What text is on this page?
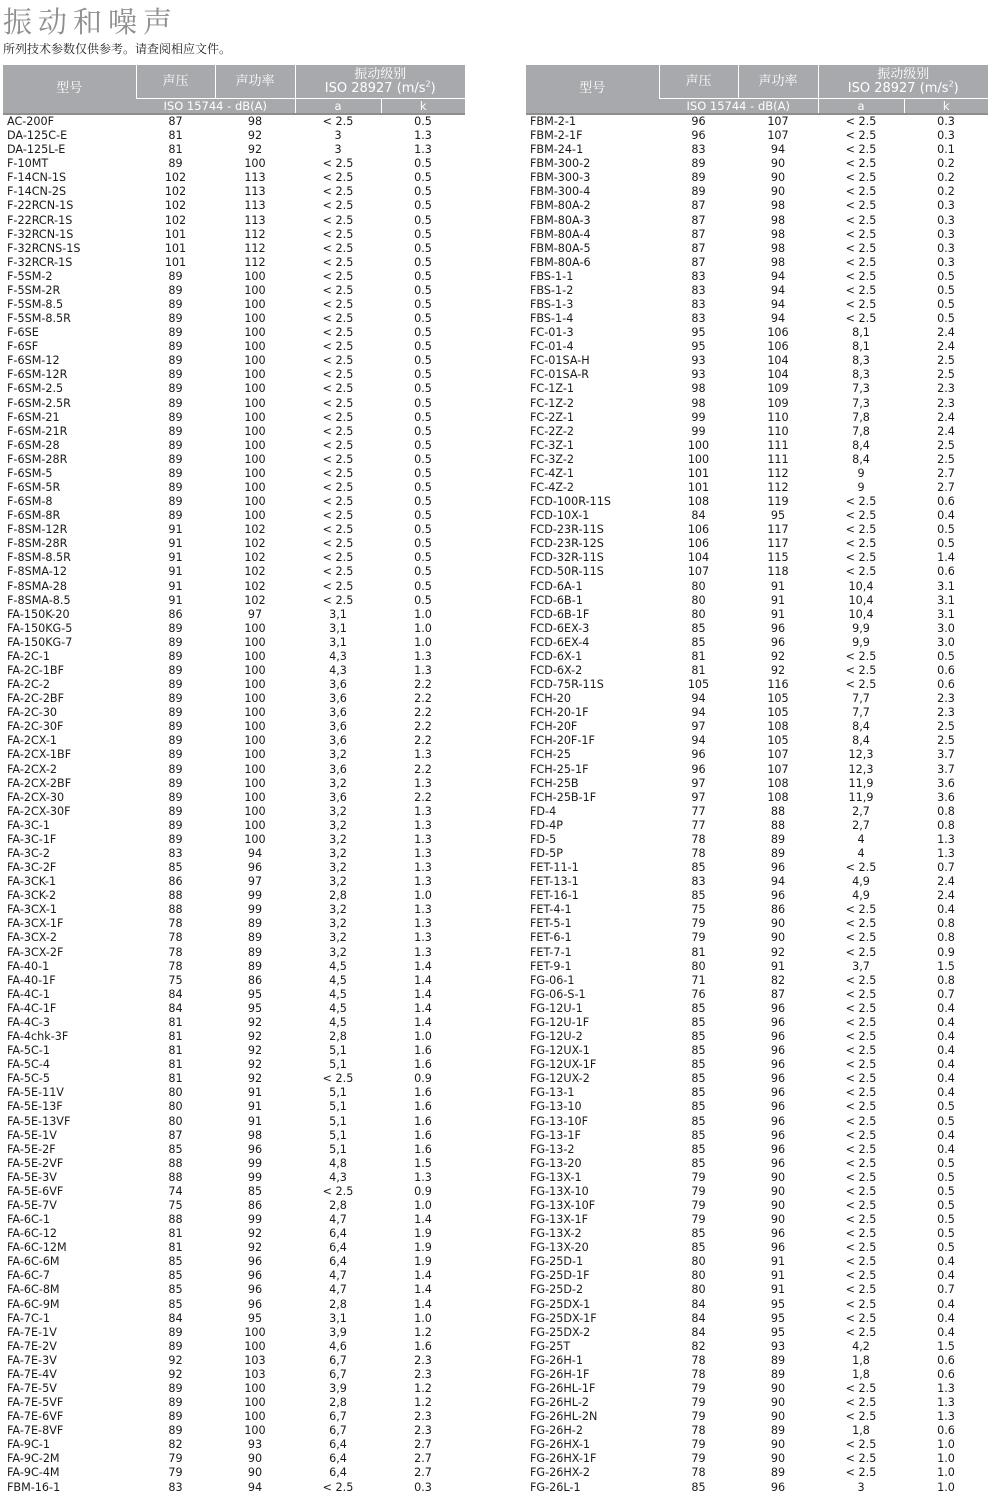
振动和噪声

所列技术参数仅供参考。请查阅相应文件。

型号	声压	声功率	振动级别
ISO 28927 $(m/s^2)$	
	ISO 15744 - dB(A)		a	k
AC-200F	87	98	< 2.5	0.5
DA-125C-E	81	92	3	1.3
DA-125L-E	81	92	3	1.3
F-10MT	89	100	< 2.5	0.5
F-14CN-1S	102	113	< 2.5	0.5
F-14CN-2S	102	113	< 2.5	0.5
F-22RCN-1S	102	113	< 2.5	0.5
F-22RCR-1S	102	113	< 2.5	0.5
F-32RCN-1S	101	112	< 2.5	0.5
F-32RCNS-1S	101	112	< 2.5	0.5
F-32RCR-1S	101	112	< 2.5	0.5
F-5SM-2	89	100	< 2.5	0.5
F-5SM-2R	89	100	< 2.5	0.5
F-5SM-8.5	89	100	< 2.5	0.5
F-5SM-8.5R	89	100	< 2.5	0.5
F-6SE	89	100	< 2.5	0.5
F-6SF	89	100	< 2.5	0.5
F-6SM-12	89	100	< 2.5	0.5
F-6SM-12R	89	100	< 2.5	0.5
F-6SM-2.5	89	100	< 2.5	0.5
F-6SM-2.5R	89	100	< 2.5	0.5
F-6SM-21	89	100	< 2.5	0.5
F-6SM-21R	89	100	< 2.5	0.5
F-6SM-28	89	100	< 2.5	0.5
F-6SM-28R	89	100	< 2.5	0.5
F-6SM-5	89	100	< 2.5	0.5
F-6SM-5R	89	100	< 2.5	0.5
F-6SM-8	89	100	< 2.5	0.5
F-6SM-8R	89	100	< 2.5	0.5
F-8SM-12R	91	102	< 2.5	0.5
F-8SM-28R	91	102	< 2.5	0.5
F-8SM-8.5R	91	102	< 2.5	0.5
F-8SMA-12	91	102	< 2.5	0.5
F-8SMA-28	91	102	< 2.5	0.5
F-8SMA-8.5	91	102	< 2.5	0.5
FA-150K-20	86	97	3,1	1.0
FA-150KG-5	89	100	3,1	1.0
FA-150KG-7	89	100	3,1	1.0
FA-2C-1	89	100	4,3	1.3
FA-2C-1BF	89	100	4,3	1.3
FA-2C-2	89	100	3,6	2.2
FA-2C-2BF	89	100	3,6	2.2
FA-2C-30	89	100	3,6	2.2
FA-2C-30F	89	100	3,6	2.2
FA-2CX-1	89	100	3,6	2.2
FA-2CX-1BF	89	100	3,2	1.3
FA-2CX-2	89	100	3,6	2.2
FA-2CX-2BF	89	100	3,2	1.3
FA-2CX-30	89	100	3,6	2.2
FA-2CX-30F	89	100	3,2	1.3
FA-3C-1	89	100	3,2	1.3
FA-3C-1F	89	100	3,2	1.3
FA-3C-2	83	94	3,2	1.3
FA-3C-2F	85	96	3,2	1.3
FA-3CK-1	86	97	3,2	1.3
FA-3CK-2	88	99	2,8	1.0
FA-3CX-1	88	99	3,2	1.3
FA-3CX-1F	78	89	3,2	1.3
FA-3CX-2	78	89	3,2	1.3
FA-3CX-2F	78	89	3,2	1.3
FA-40-1	78	89	4,5	1.4
FA-40-1F	75	86	4,5	1.4
FA-4C-1	84	95	4,5	1.4
FA-4C-1F	84	95	4,5	1.4
FA-4C-3	81	92	4,5	1.4
FA-4chk-3F	81	92	2,8	1.0
FA-5C-1	81	92	5,1	1.6
FA-5C-4	81	92	5,1	1.6
FA-5C-5	81	92	< 2.5	0.9
FA-5E-11V	80	91	5,1	1.6
FA-5E-13F	80	91	5,1	1.6
FA-5E-13VF	80	91	5,1	1.6
FA-5E-1V	87	98	5,1	1.6
FA-5E-2F	85	96	5,1	1.6
FA-5E-2VF	88	99	4,8	1.5
FA-5E-3V	88	99	4,3	1.3
FA-5E-6VF	74	85	< 2.5	0.9
FA-5E-7V	75	86	2,8	1.0
FA-6C-1	88	99	4,7	1.4
FA-6C-12	81	92	6,4	1.9
FA-6C-12M	81	92	6,4	1.9
FA-6C-6M	85	96	6,4	1.9
FA-6C-7	85	96	4,7	1.4
FA-6C-8M	85	96	4,7	1.4
FA-6C-9M	85	96	2,8	1.4
FA-7C-1	84	95	3,1	1.0
FA-7E-1V	89	100	3,9	1.2
FA-7E-2V	89	100	4,6	1.6
FA-7E-3V	92	103	6,7	2.3
FA-7E-4V	92	103	6,7	2.3
FA-7E-5V	89	100	3,9	1.2
FA-7E-5VF	89	100	2,8	1.2
FA-7E-6VF	89	100	6,7	2.3
FA-7E-8VF	89	100	6,7	2.3
FA-9C-1	82	93	6,4	2.7
FA-9C-2M	79	90	6,4	2.7
FA-9C-4M	79	90	6,4	2.7
FBM-16-1	83	94	< 2.5	0.3
型号	声压	声功率	振动级别
ISO 28927 $(m/s^2)$	
	ISO 15744 - dB(A)		a	k
FBM-2-1	96	107	< 2.5	0.3
FBM-2-1F	96	107	< 2.5	0.3
FBM-24-1	83	94	< 2.5	0.1
FBM-300-2	89	90	< 2.5	0.2
FBM-300-3	89	90	< 2.5	0.2
FBM-300-4	89	90	< 2.5	0.2
FBM-80A-2	87	98	< 2.5	0.3
FBM-80A-3	87	98	< 2.5	0.3
FBM-80A-4	87	98	< 2.5	0.3
FBM-80A-5	87	98	< 2.5	0.3
FBM-80A-6	87	98	< 2.5	0.3
FBS-1-1	83	94	< 2.5	0.5
FBS-1-2	83	94	< 2.5	0.5
FBS-1-3	83	94	< 2.5	0.5
FBS-1-4	83	94	< 2.5	0.5
FC-01-3	95	106	8,1	2.4
FC-01-4	95	106	8,1	2.4
FC-01SA-H	93	104	8,3	2.5
FC-01SA-R	93	104	8,3	2.5
FC-1Z-1	98	109	7,3	2.3
FC-1Z-2	98	109	7,3	2.3
FC-2Z-1	99	110	7,8	2.4
FC-2Z-2	99	110	7,8	2.4
FC-3Z-1	100	111	8,4	2.5
FC-3Z-2	100	111	8,4	2.5
FC-4Z-1	101	112	9	2.7
FC-4Z-2	101	112	9	2.7
FCD-100R-11S	108	119	< 2.5	0.6
FCD-10X-1	84	95	< 2.5	0.4
FCD-23R-11S	106	117	< 2.5	0.5
FCD-23R-12S	106	117	< 2.5	0.5
FCD-32R-11S	104	115	< 2.5	1.4
FCD-50R-11S	107	118	< 2.5	0.6
FCD-6A-1	80	91	10,4	3.1
FCD-6B-1	80	91	10,4	3.1
FCD-6B-1F	80	91	10,4	3.1
FCD-6EX-3	85	96	9,9	3.0
FCD-6EX-4	85	96	9,9	3.0
FCD-6X-1	81	92	< 2.5	0.5
FCD-6X-2	81	92	< 2.5	0.6
FCD-75R-11S	105	116	< 2.5	0.6
FCH-20	94	105	7,7	2.3
FCH-20-1F	94	105	7,7	2.3
FCH-20F	97	108	8,4	2.5
FCH-20F-1F	94	105	8,4	2.5
FCH-25	96	107	12,3	3.7
FCH-25-1F	96	107	12,3	3.7
FCH-25B	97	108	11,9	3.6
FCH-25B-1F	97	108	11,9	3.6
FD-4	77	88	2,7	0.8
FD-4P	77	88	2,7	0.8
FD-5	78	89	4	1.3
FD-5P	78	89	4	1.3
FET-11-1	85	96	< 2.5	0.7
FET-13-1	83	94	4,9	2.4
FET-16-1	85	96	4,9	2.4
FET-4-1	75	86	< 2.5	0.4
FET-5-1	79	90	< 2.5	0.8
FET-6-1	79	90	< 2.5	0.8
FET-7-1	81	92	< 2.5	0.9
FET-9-1	80	91	3,7	1.5
FG-06-1	71	82	< 2.5	0.8
FG-06-S-1	76	87	< 2.5	0.7
FG-12U-1	85	96	< 2.5	0.4
FG-12U-1F	85	96	< 2.5	0.4
FG-12U-2	85	96	< 2.5	0.4
FG-12UX-1	85	96	< 2.5	0.4
FG-12UX-1F	85	96	< 2.5	0.4
FG-12UX-2	85	96	< 2.5	0.4
FG-13-1	85	96	< 2.5	0.4
FG-13-10	85	96	< 2.5	0.5
FG-13-10F	85	96	< 2.5	0.5
FG-13-1F	85	96	< 2.5	0.4
FG-13-2	85	96	< 2.5	0.4
FG-13-20	85	96	< 2.5	0.5
FG-13X-1	79	90	< 2.5	0.5
FG-13X-10	79	90	< 2.5	0.5
FG-13X-10F	79	90	< 2.5	0.5
FG-13X-1F	79	90	< 2.5	0.5
FG-13X-2	85	96	< 2.5	0.5
FG-13X-20	85	96	< 2.5	0.5
FG-25D-1	80	91	< 2.5	0.4
FG-25D-1F	80	91	< 2.5	0.4
FG-25D-2	80	91	< 2.5	0.7
FG-25DX-1	84	95	< 2.5	0.4
FG-25DX-1F	84	95	< 2.5	0.4
FG-25DX-2	84	95	< 2.5	0.4
FG-25T	82	93	4,2	1.5
FG-26H-1	78	89	1,8	0.6
FG-26H-1F	78	89	1,8	0.6
FG-26HL-1F	79	90	< 2.5	1.3
FG-26HL-2	79	90	< 2.5	1.3
FG-26HL-2N	79	90	< 2.5	1.3
FG-26H-2	78	89	1,8	0.6
FG-26HX-1	79	90	< 2.5	1.0
FG-26HX-1F	79	90	< 2.5	1.0
FG-26HX-2	78	89	< 2.5	1.0
FG-26L-1	85	96	3	1.0
